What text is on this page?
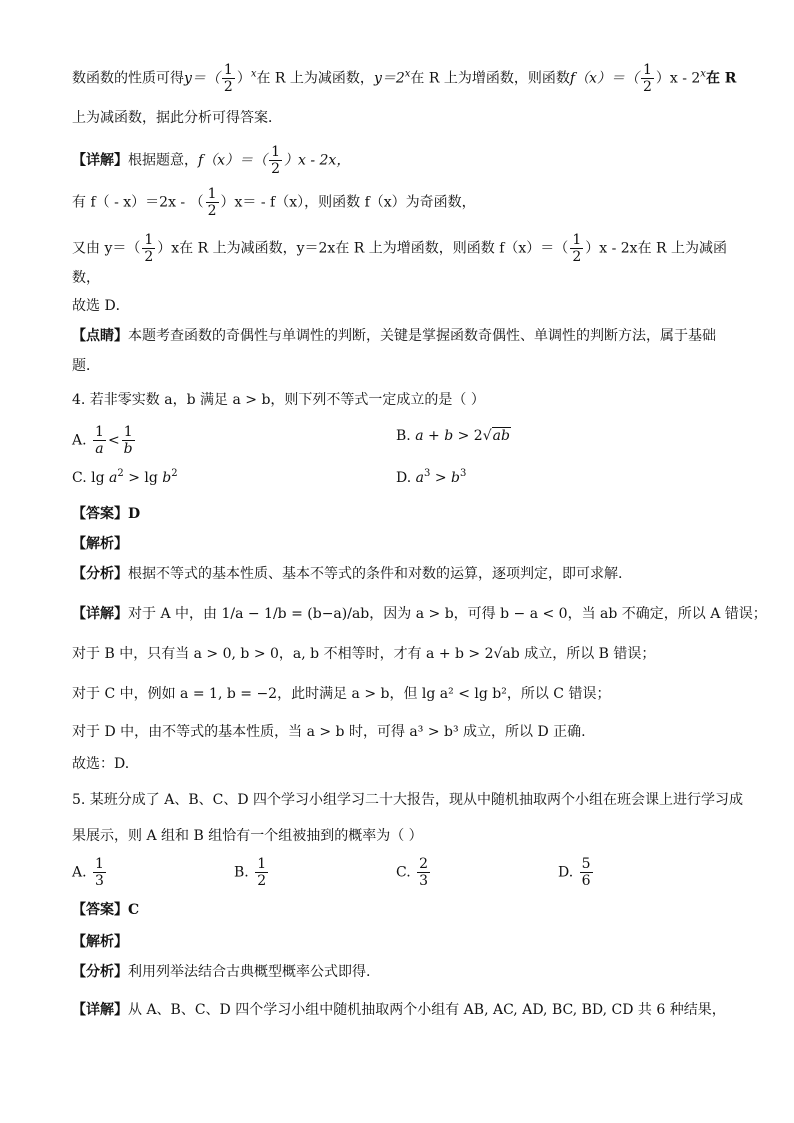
数函数的性质可得$y=( \frac{1}{2} )^x$在 R 上为减函数，$y=2^x$在 R 上为增函数，则函数$f(x)=( \frac{1}{2} )x - 2^x$在 R
上为减函数，据此分析可得答案．
【详解】根据题意，$f(x)=( \frac{1}{2} )x - 2x$，
有 f（ - x）＝2x - （ $\frac{1}{2} )x= - f(x)$，则函数 f（x）为奇函数，
又由 $y=( \frac{1}{2} )x$在 R 上为减函数，y＝2x在 R 上为增函数，则函数 $f(x)=( \frac{1}{2} )x - 2x$在 R 上为减函
数，
故选 D．
【点睛】本题考查函数的奇偶性与单调性的判断，关键是掌握函数奇偶性、单调性的判断方法，属于基础
题．
4. 若非零实数 a，b 满足 a > b，则下列不等式一定成立的是（ ）
A. $\frac{1}{a} < \frac{1}{b}$	B. a + b > 2√ab
C. $\lg a^2 > \lg b^2$	D. $a^3 > b^3$
【答案】D
【解析】
【分析】根据不等式的基本性质、基本不等式的条件和对数的运算，逐项判定，即可求解.
【详解】对于 A 中，由 1/a − 1/b = (b−a)/ab，因为 a > b，可得 b − a < 0，当 ab 不确定，所以 A 错误；
对于 B 中，只有当 a > 0, b > 0，a, b 不相等时，才有 a + b > 2√ab 成立，所以 B 错误；
对于 C 中，例如 a = 1, b = −2，此时满足 a > b，但 lg a² < lg b²，所以 C 错误；
对于 D 中，由不等式的基本性质，当 a > b 时，可得 a³ > b³ 成立，所以 D 正确.
故选：D.
5. 某班分成了 A、B、C、D 四个学习小组学习二十大报告，现从中随机抽取两个小组在班会课上进行学习成
果展示，则 A 组和 B 组恰有一个组被抽到的概率为（ ）
A. $\frac{1}{3}$	B. $\frac{1}{2}$	C. $\frac{2}{3}$	D. $\frac{5}{6}$
【答案】C
【解析】
【分析】利用列举法结合古典概型概率公式即得.
【详解】从 A、B、C、D 四个学习小组中随机抽取两个小组有 AB, AC, AD, BC, BD, CD 共 6 种结果，
